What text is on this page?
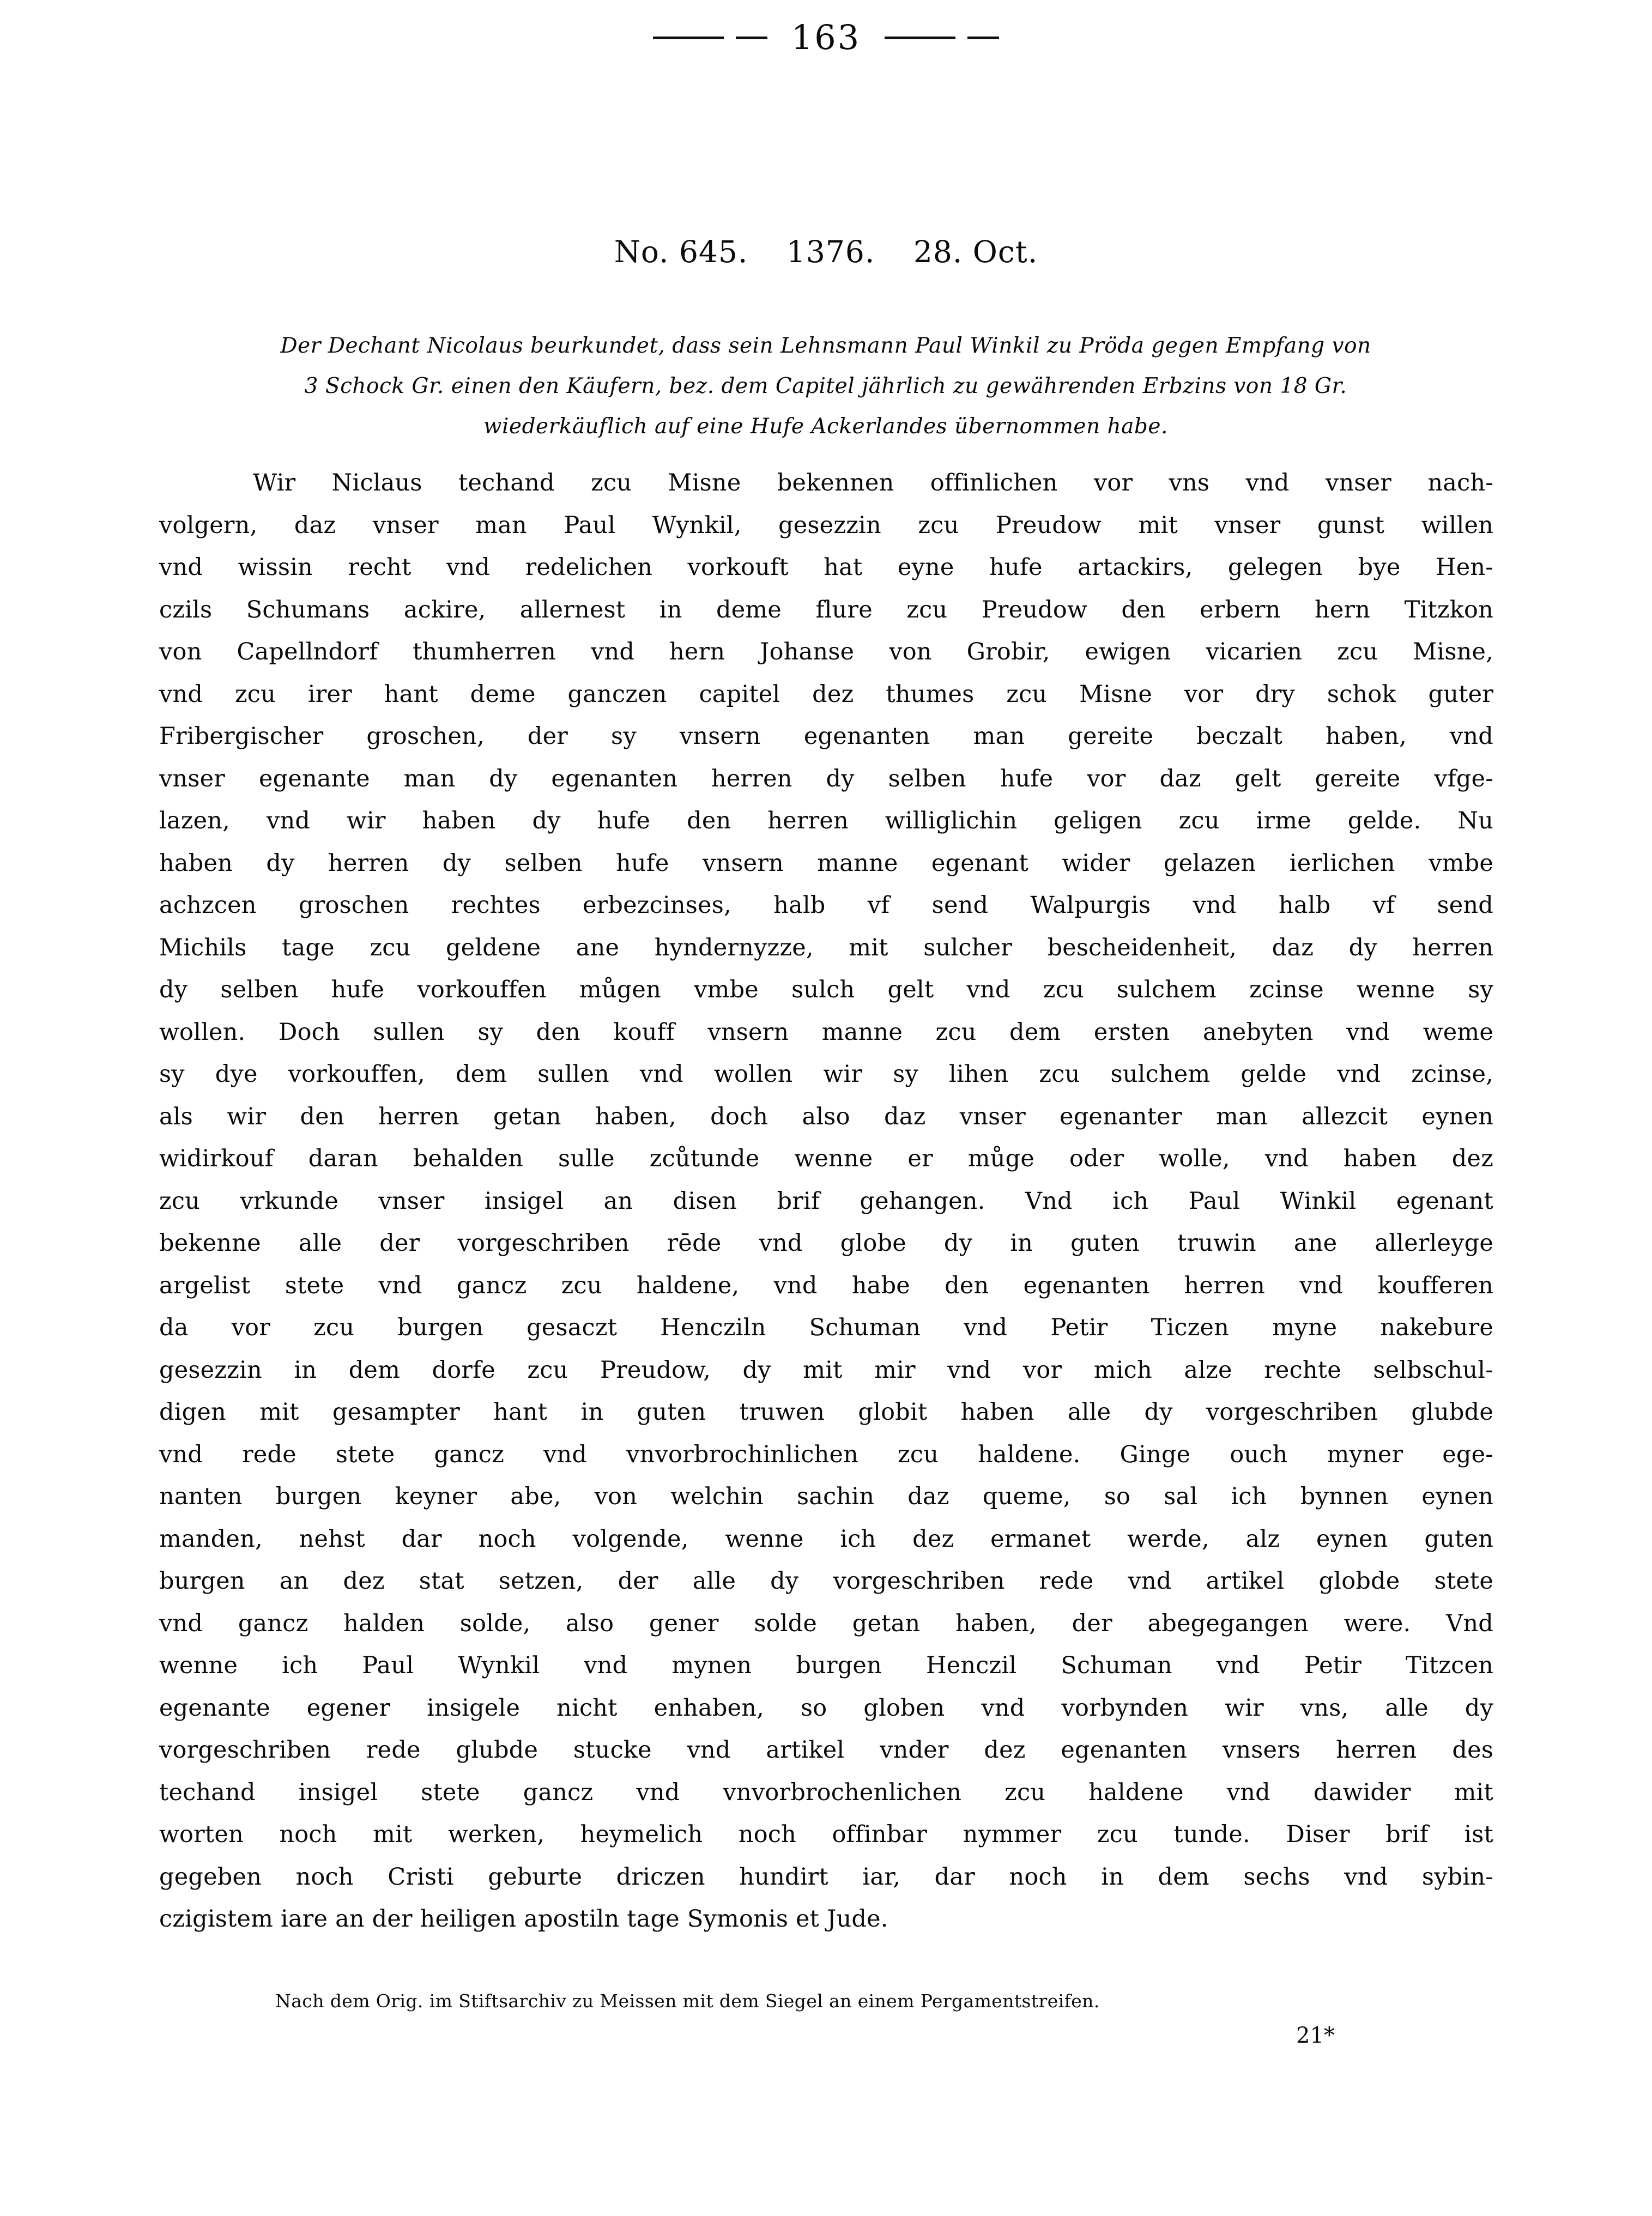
163
No. 645. 1376. 28. Oct.
Der Dechant Nicolaus beurkundet, dass sein Lehnsmann Paul Winkil zu Pröda gegen Empfang von
3 Schock Gr. einen den Käufern, bez. dem Capitel jährlich zu gewährenden Erbzins von 18 Gr.
wiederkäuflich auf eine Hufe Ackerlandes übernommen habe.
Wir Niclaus techand zcu Misne bekennen offinlichen vor vns vnd vnser nach-
volgern, daz vnser man Paul Wynkil, gesezzin zcu Preudow mit vnser gunst willen
vnd wissin recht vnd redelichen vorkouft hat eyne hufe artackirs, gelegen bye Hen-
czils Schumans ackire, allernest in deme flure zcu Preudow den erbern hern Titzkon
von Capellndorf thumherren vnd hern Johanse von Grobir, ewigen vicarien zcu Misne,
vnd zcu irer hant deme ganczen capitel dez thumes zcu Misne vor dry schok guter
Fribergischer groschen, der sy vnsern egenanten man gereite beczalt haben, vnd
vnser egenante man dy egenanten herren dy selben hufe vor daz gelt gereite vfge-
lazen, vnd wir haben dy hufe den herren williglichin geligen zcu irme gelde. Nu
haben dy herren dy selben hufe vnsern manne egenant wider gelazen ierlichen vmbe
achzcen groschen rechtes erbezcinses, halb vf send Walpurgis vnd halb vf send
Michils tage zcu geldene ane hyndernyzze, mit sulcher bescheidenheit, daz dy herren
dy selben hufe vorkouffen můgen vmbe sulch gelt vnd zcu sulchem zcinse wenne sy
wollen. Doch sullen sy den kouff vnsern manne zcu dem ersten anebyten vnd weme
sy dye vorkouffen, dem sullen vnd wollen wir sy lihen zcu sulchem gelde vnd zcinse,
als wir den herren getan haben, doch also daz vnser egenanter man allezcit eynen
widirkouf daran behalden sulle zcůtunde wenne er můge oder wolle, vnd haben dez
zcu vrkunde vnser insigel an disen brif gehangen. Vnd ich Paul Winkil egenant
bekenne alle der vorgeschriben rēde vnd globe dy in guten truwin ane allerleyge
argelist stete vnd gancz zcu haldene, vnd habe den egenanten herren vnd koufferen
da vor zcu burgen gesaczt Hencziln Schuman vnd Petir Ticzen myne nakebure
gesezzin in dem dorfe zcu Preudow, dy mit mir vnd vor mich alze rechte selbschul-
digen mit gesampter hant in guten truwen globit haben alle dy vorgeschriben glubde
vnd rede stete gancz vnd vnvorbrochinlichen zcu haldene. Ginge ouch myner ege-
nanten burgen keyner abe, von welchin sachin daz queme, so sal ich bynnen eynen
manden, nehst dar noch volgende, wenne ich dez ermanet werde, alz eynen guten
burgen an dez stat setzen, der alle dy vorgeschriben rede vnd artikel globde stete
vnd gancz halden solde, also gener solde getan haben, der abegegangen were. Vnd
wenne ich Paul Wynkil vnd mynen burgen Henczil Schuman vnd Petir Titzcen
egenante egener insigele nicht enhaben, so globen vnd vorbynden wir vns, alle dy
vorgeschriben rede glubde stucke vnd artikel vnder dez egenanten vnsers herren des
techand insigel stete gancz vnd vnvorbrochenlichen zcu haldene vnd dawider mit
worten noch mit werken, heymelich noch offinbar nymmer zcu tunde. Diser brif ist
gegeben noch Cristi geburte driczen hundirt iar, dar noch in dem sechs vnd sybin-
czigistem iare an der heiligen apostiln tage Symonis et Jude.
Nach dem Orig. im Stiftsarchiv zu Meissen mit dem Siegel an einem Pergamentstreifen.
21*
